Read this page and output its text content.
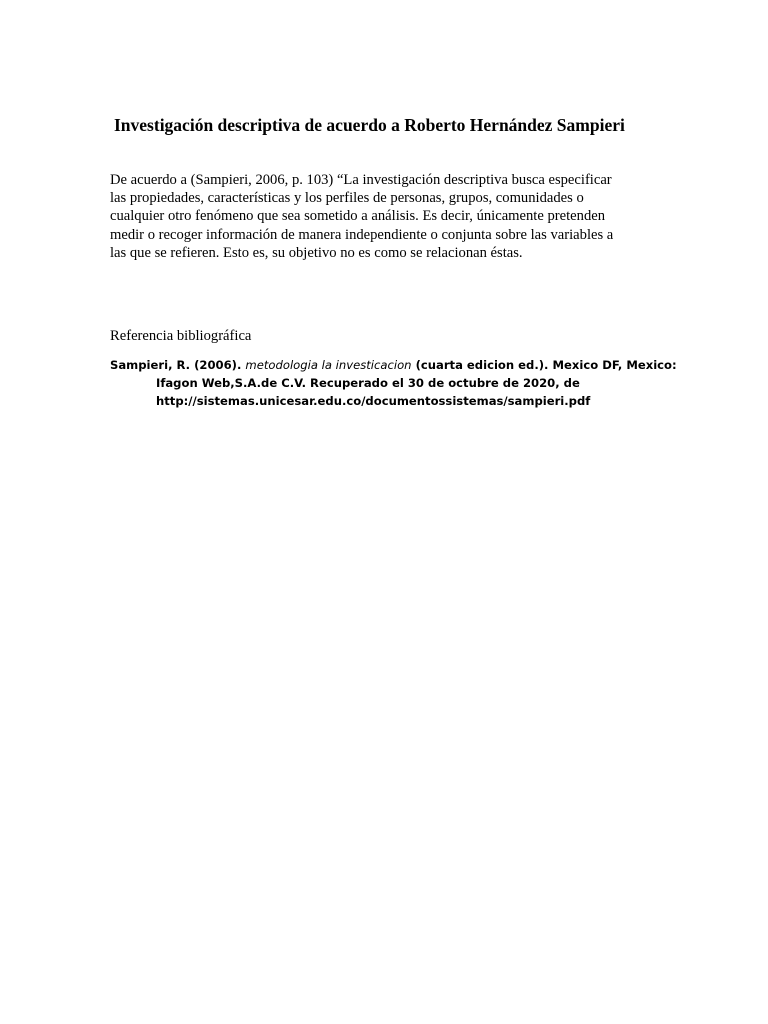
Investigación descriptiva de acuerdo a Roberto Hernández Sampieri
De acuerdo a (Sampieri, 2006, p. 103) “La investigación descriptiva busca especificar
las propiedades, características y los perfiles de personas, grupos, comunidades o
cualquier otro fenómeno que sea sometido a análisis. Es decir, únicamente pretenden
medir o recoger información de manera independiente o conjunta sobre las variables a
las que se refieren. Esto es, su objetivo no es como se relacionan éstas.
Referencia bibliográfica
Sampieri, R. (2006). metodologia la investicacion (cuarta edicion ed.). Mexico DF, Mexico:
Ifagon Web,S.A.de C.V. Recuperado el 30 de octubre de 2020, de
http://sistemas.unicesar.edu.co/documentossistemas/sampieri.pdf
